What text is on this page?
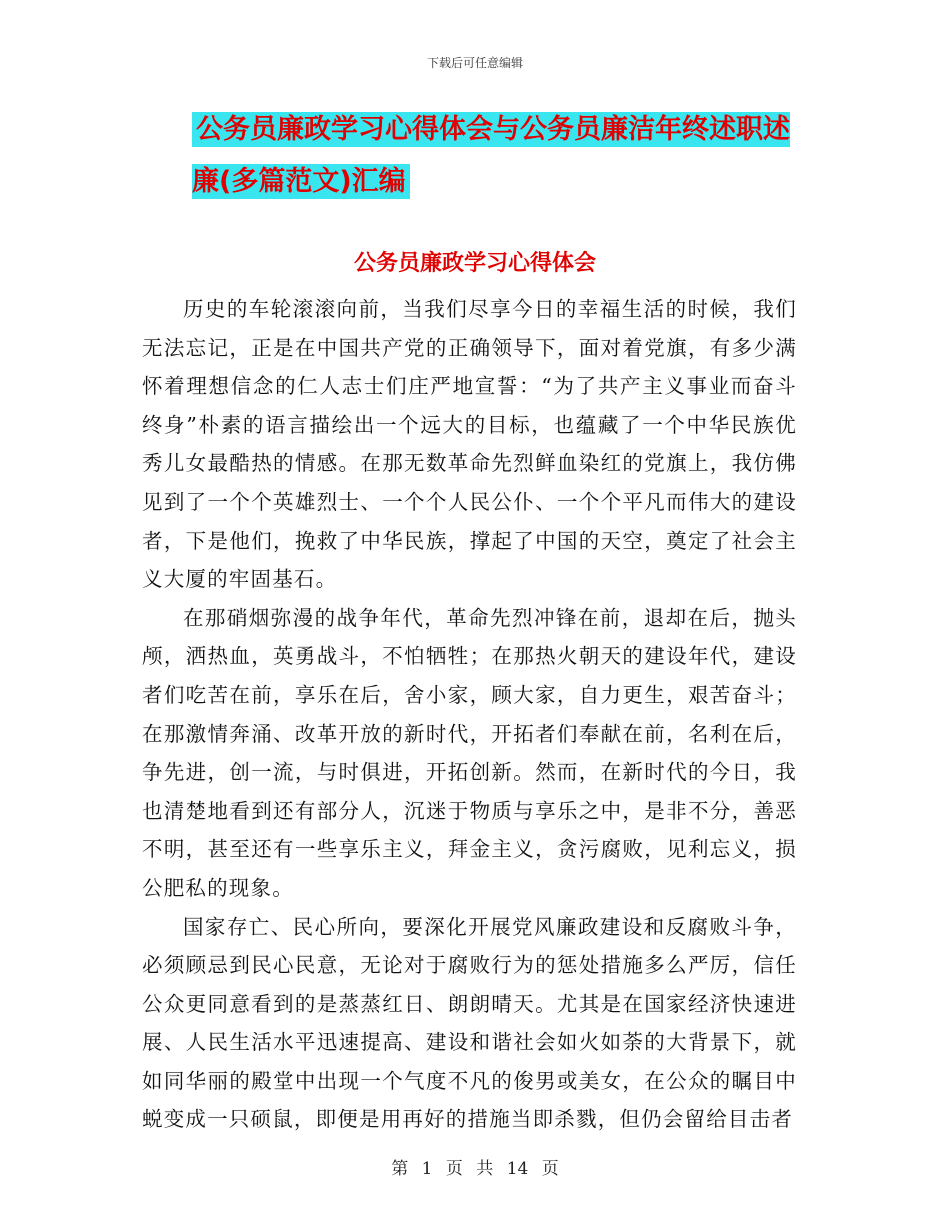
下载后可任意编辑
公务员廉政学习心得体会与公务员廉洁年终述职述廉(多篇范文)汇编
公务员廉政学习心得体会

历史的车轮滚滚向前，当我们尽享今日的幸福生活的时候，我们无法忘记，正是在中国共产党的正确领导下，面对着党旗，有多少满怀着理想信念的仁人志士们庄严地宣誓：“为了共产主义事业而奋斗终身”朴素的语言描绘出一个远大的目标，也蕴藏了一个中华民族优秀儿女最酷热的情感。在那无数革命先烈鲜血染红的党旗上，我仿佛见到了一个个英雄烈士、一个个人民公仆、一个个平凡而伟大的建设者，下是他们，挽救了中华民族，撑起了中国的天空，奠定了社会主义大厦的牢固基石。

在那硝烟弥漫的战争年代，革命先烈冲锋在前，退却在后，抛头颅，洒热血，英勇战斗，不怕牺牲；在那热火朝天的建设年代，建设者们吃苦在前，享乐在后，舍小家，顾大家，自力更生，艰苦奋斗；在那激情奔涌、改革开放的新时代，开拓者们奉献在前，名利在后，争先进，创一流，与时俱进，开拓创新。然而，在新时代的今日，我也清楚地看到还有部分人，沉迷于物质与享乐之中，是非不分，善恶不明，甚至还有一些享乐主义，拜金主义，贪污腐败，见利忘义，损公肥私的现象。

国家存亡、民心所向，要深化开展党风廉政建设和反腐败斗争，必须顾忌到民心民意，无论对于腐败行为的惩处措施多么严厉，信任公众更同意看到的是蒸蒸红日、朗朗晴天。尤其是在国家经济快速进展、人民生活水平迅速提高、建设和谐社会如火如荼的大背景下，就如同华丽的殿堂中出现一个气度不凡的俊男或美女，在公众的瞩目中蜕变成一只硕鼠，即便是用再好的措施当即杀戮，但仍会留给目击者

第 1 页 共 14 页
